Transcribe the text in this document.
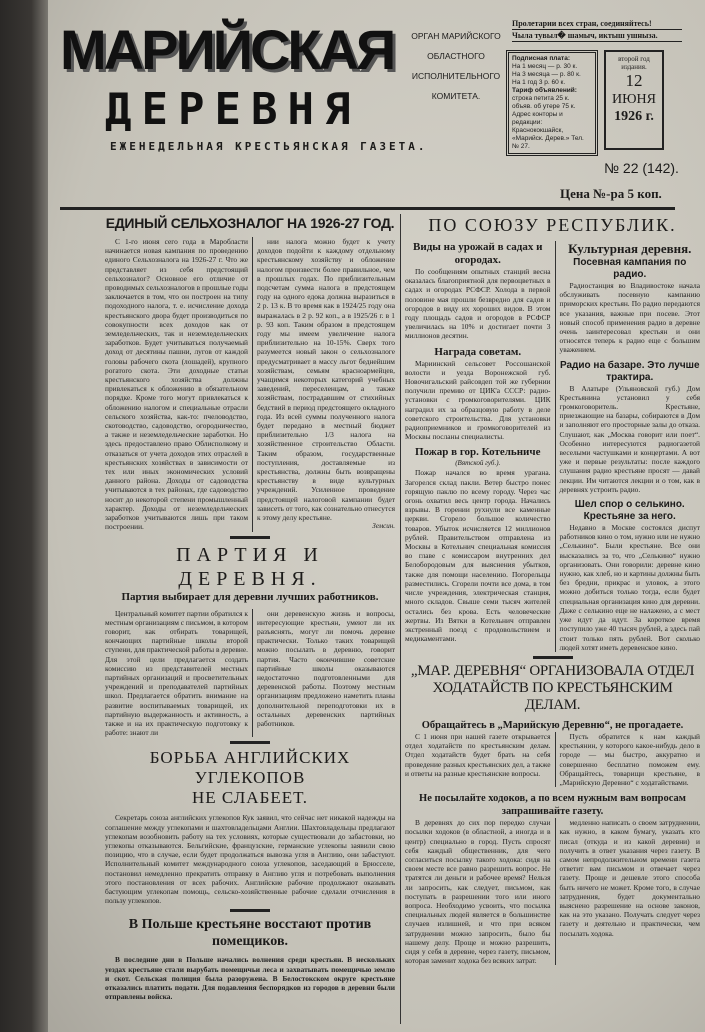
МАРИЙСКАЯ
ДЕРЕВНЯ
ОРГАН МАРИЙСКОГО
ОБЛАСТНОГО
ИСПОЛНИТЕЛЬНОГО
КОМИТЕТА.
ЕЖЕНЕДЕЛЬНАЯ КРЕСТЬЯНСКАЯ ГАЗЕТА.
Пролетарии всех стран, соединяйтесь!
Чыла тувыл� шамыч, иктыш ушныза.
Подписная плата:
На 1 месяц — р. 30 к.
На 3 месяца — р. 80 к.
На 1 год 3 р. 60 к.
Тариф объявлений:
строка петита 25 к.
объяв. об утере 75 к.
Адрес конторы и редакции: Краснококшайск, «Марийск. Дерев.» Тел. № 27.
второй год издания.
12
ИЮНЯ
1926 г.
№ 22 (142).
Цена №-ра 5 коп.
ЕДИНЫЙ СЕЛЬХОЗНАЛОГ НА 1926-27 ГОД.

С 1-го июня сего года в Маробласти начинается новая кампания по проведению единого Сельхозналога на 1926-27 г. Что же представляет из себя предстоящий сельхозналог? Основное его отличие от проводимых сельхозналогов в прошлые годы заключается в том, что он построен на типу подоходного налога, т. е. исчисление дохода крестьянского двора будет производиться по совокупности всех доходов как от земледельческих, так и неземледельческих заработков. Будет учитываться получаемый доход от десятины пашни, лугов от каждой головы рабочего скота (лошадей), крупного рогатого скота. Эти доходные статьи крестьянского хозяйства должны привлекаться к обложению в обязательном порядке. Кроме того могут привлекаться к обложению налогом и специальные отрасли сельского хозяйства, как-то: пчеловодство, скотоводство, садоводство, огородничество, а также и неземледельческие заработки. Но здесь предоставлено право Облисполкому и отказаться от учета доходов этих отраслей в крестьянских хозяйствах в зависимости от тех или иных экономических условий данного района. Доходы от садоводства учитываются в тех районах, где садоводство носит до некоторой степени промышленный характер. Доходы от неземледельческих заработков учитываются лишь при таком построении.

нии налога можно будет к учету доходов подойти к каждому отдельному крестьянскому хозяйству и обложение налогом произвести более правильное, чем в прошлых годах. По приблизительным подсчетам сумма налога в предстоящем году на одного едока должна выразиться в 2 р. 13 к. В то время как в 1924/25 году она выражалась в 2 р. 92 коп., а в 1925/26 г. в 1 р. 93 коп. Таким образом в предстоящем году мы имеем увеличение налога приблизительно на 10-15%. Сверх того разумеется новый закон о сельхозналоге предусматривает в массу льгот беднейшим хозяйствам, семьям красноармейцев, учащимся некоторых категорий учебных заведений, переселенцам, а также хозяйствам, пострадавшим от стихийных бедствий в период предстоящего окладного года. Из всей суммы полученного налога будет передано в местный бюджет приблизительно 1/3 налога на хозяйственное строительство Области. Таким образом, государственные поступления, доставляемые из крестьянства, должны быть возвращены крестьянству в виде культурных учреждений. Усиленное проведение предстоящей налоговой кампании будет зависеть от того, как сознательно отнесутся к этому делу крестьяне.

Земсин.
ПАРТИЯ И ДЕРЕВНЯ.
Партия выбирает для деревни лучших работников.

Центральный комитет партии обратился к местным организациям с письмом, в котором говорит, как отбирать товарищей, кончающих партийные школы второй ступени, для практической работы в деревне. Для этой цели предлагается создать комиссию из представителей местных партийных организаций и просветительных учреждений и преподавателей партийных школ. Предлагается обратить внимание на развитие воспитываемых товарищей, их партийную выдержанность и активность, а также и на их практическую подготовку к работе: знают ли

они деревенскую жизнь и вопросы, интересующие крестьян, умеют ли их разъяснять, могут ли помочь деревне практически. Только таких товарищей можно посылать в деревню, говорит партия. Часто окончившие советские партийные школы оказываются недостаточно подготовленными для деревенской работы. Поэтому местным организациям предложено наметить планы дополнительной переподготовки их в остальных деревенских партийных работников.

БОРЬБА АНГЛИЙСКИХ УГЛЕКОПОВ
НЕ СЛАБЕЕТ.

Секретарь союза английских углекопов Кук заявил, что сейчас нет никакой надежды на соглашение между углекопами и шахтовладельцами Англии. Шахтовладельцы предлагают углекопам возобновить работу на тех условиях, которые существовали до забастовки, но углекопы отказываются. Бельгийские, французские, германские углекопы заявили свою позицию, что в случае, если будет продолжаться вывозка угля в Англию, они забастуют. Исполнительный комитет международного союза углекопов, заседающий в Брюсселе, постановил немедленно прекратить отправку в Англию угля и потребовать выполнения этого постановления от всех рабочих. Английские рабочие продолжают оказывать бастующим углекопам помощь, сельско-хозяйственные рабочие сделали отчисления в пользу углекопов.

В Польше крестьяне восстают против
помещиков.

В последние дни в Польше начались волнения среди крестьян. В нескольких уездах крестьяне стали вырубать помещичьи леса и захватывать помещичью землю и скот. Сельская полиция была разоружена. В Белостокском округе крестьяне отказались платить подати. Для подавления беспорядков из городов в деревни были отправлены войска.

ПО СОЮЗУ РЕСПУБЛИК.
Виды на урожай в садах и огородах.

По сообщениям опытных станций весна оказалась благоприятной для первоцветных в садах и огородах РСФСР. Холода в первой половине мая прошли безвредно для садов и огородов в виду их хороших видов. В этом году площадь садов и огородов в РСФСР увеличилась на 10% и достигает почти 3 миллионов десятин.

Награда советам.

Мариинский сельсовет Россошанской волости и уезда Воронежской губ. Новочигальский райсовдеп той же губернии получили премию от ЦИК'а СССР: радио-установки с громкоговорителями. ЦИК наградил их за образцовую работу в деле советского строительства. Для установки радиоприемников и громкоговорителей из Москвы посланы специалисты.

Пожар в гор. Котельниче
(Вятской губ.).

Пожар начался во время урагана. Загорелся склад пакли. Ветер быстро понес горящую паклю по всему городу. Через час огонь охватил весь центр города. Начались взрывы. В горении рухнули все каменные церкви. Сгорело большое количество товаров. Убыток исчисляется 12 миллионов рублей. Правительством отправлена из Москвы в Котельнич специальная комиссия во главе с комиссаром внутренних дел Белобородовым для выяснения убытков, также для помощи населению. Погорельцы разместились. Сгорели почти все дома, в том числе учреждения, электрическая станция, много складов. Свыше семи тысяч жителей остались без крова. Есть человеческие жертвы. Из Вятки в Котельнич отправлен экстренный поезд с продовольствием и медикаментами.

Культурная деревня.
Посевная кампания по радио.

Радиостанция во Владивостоке начала обслуживать посевную кампанию приморских крестьян. По радио передаются все указания, важные при посеве. Этот новый способ применения радио в деревне очень заинтересовал крестьян и они относятся теперь к радио еще с большим уважением.

Радио на базаре. Это лучше трактира.

В Алатыре (Ульяновской губ.) Дом Крестьянина установил у себя громкоговоритель. Крестьяне, приезжающие на базары, собираются в Дом и заполняют его просторные залы до отказа. Слушают, как „Москва говорит или поет“. Особенно интересуются радиогазетой веселыми частушками и концертами. А вот уже и первые результаты: после каждого слушания радио крестьяне просят — давай лекции. Им читаются лекции и о том, как в деревнях устроить радио.

Шел спор о селькино. Крестьяне за него.

Недавно в Москве состоялся диспут работников кино о том, нужно или не нужно „Селькино“. Были крестьяне. Все они высказались за то, что „Селькино“ нужно организовать. Они говорили: деревне кино нужно, как хлеб, но и картины должны быть без бредни, прикрас и уловок, а этого можно добиться только тогда, если будет специальная организация кино для деревни. Даже с селькино еще не налажено, а с мест уже идут да идут. За короткое время поступило уже 40 тысяч рублей, а здесь пай стоит только пять рублей. Вот сколько людей хотят иметь деревенское кино.

„МАР. ДЕРЕВНЯ“ ОРГАНИЗОВАЛА ОТДЕЛ
ХОДАТАЙСТВ ПО КРЕСТЬЯНСКИМ ДЕЛАМ.
Обращайтесь в „Марийскую Деревню“, не прогадаете.

С 1 июня при нашей газете открывается отдел ходатайств по крестьянским делам. Отдел ходатайств будет брать на себя проведение разных крестьянских дел, а также и ответы на разные крестьянские вопросы.

Пусть обратится к нам каждый крестьянин, у которого какое-нибудь дело в городе — мы быстро, аккуратно и совершенно бесплатно поможем ему. Обращайтесь, товарищи крестьяне, в „Марийскую Деревню“ с ходатайствами.

Не посылайте ходоков, а по всем нужным вам вопросам запрашивайте газету.

В деревнях до сих пор передко случаи посылки ходоков (в областной, а иногда и в центр) специально в город. Пусть спросят себя каждый общественник, для чего согласиться посылку такого ходока: сидя на своем месте все равно разрешить вопрос. Не тратятся ли деньги и рабочее время? Нельзя ли запросить, как следует, письмом, как поступать в разрешении того или иного вопроса. Необходимо усвоить, что посылка специальных людей является в большинстве случаев излишней, и что при всяком затруднении можно запросить, было бы нашему делу. Проще и можно разрешить, сидя у себя в деревне, через газету, письмом, которая заменит ходока без всяких затрат.

медленно написать о своем затруднении, как нужно, в каком бумагу, указать кто писал (откуда и из какой деревни) и получить в ответ указания через газету. В самом непродолжительном времени газета ответит вам письмом и отвечает через газету. Проще и дешевле этого способа быть ничего не может. Кроме того, в случае затруднения, будет документально выяснено разрешение на основе законов, как на это указано. Получать следует через газету и деятельно и практически, чем посылать ходока.
